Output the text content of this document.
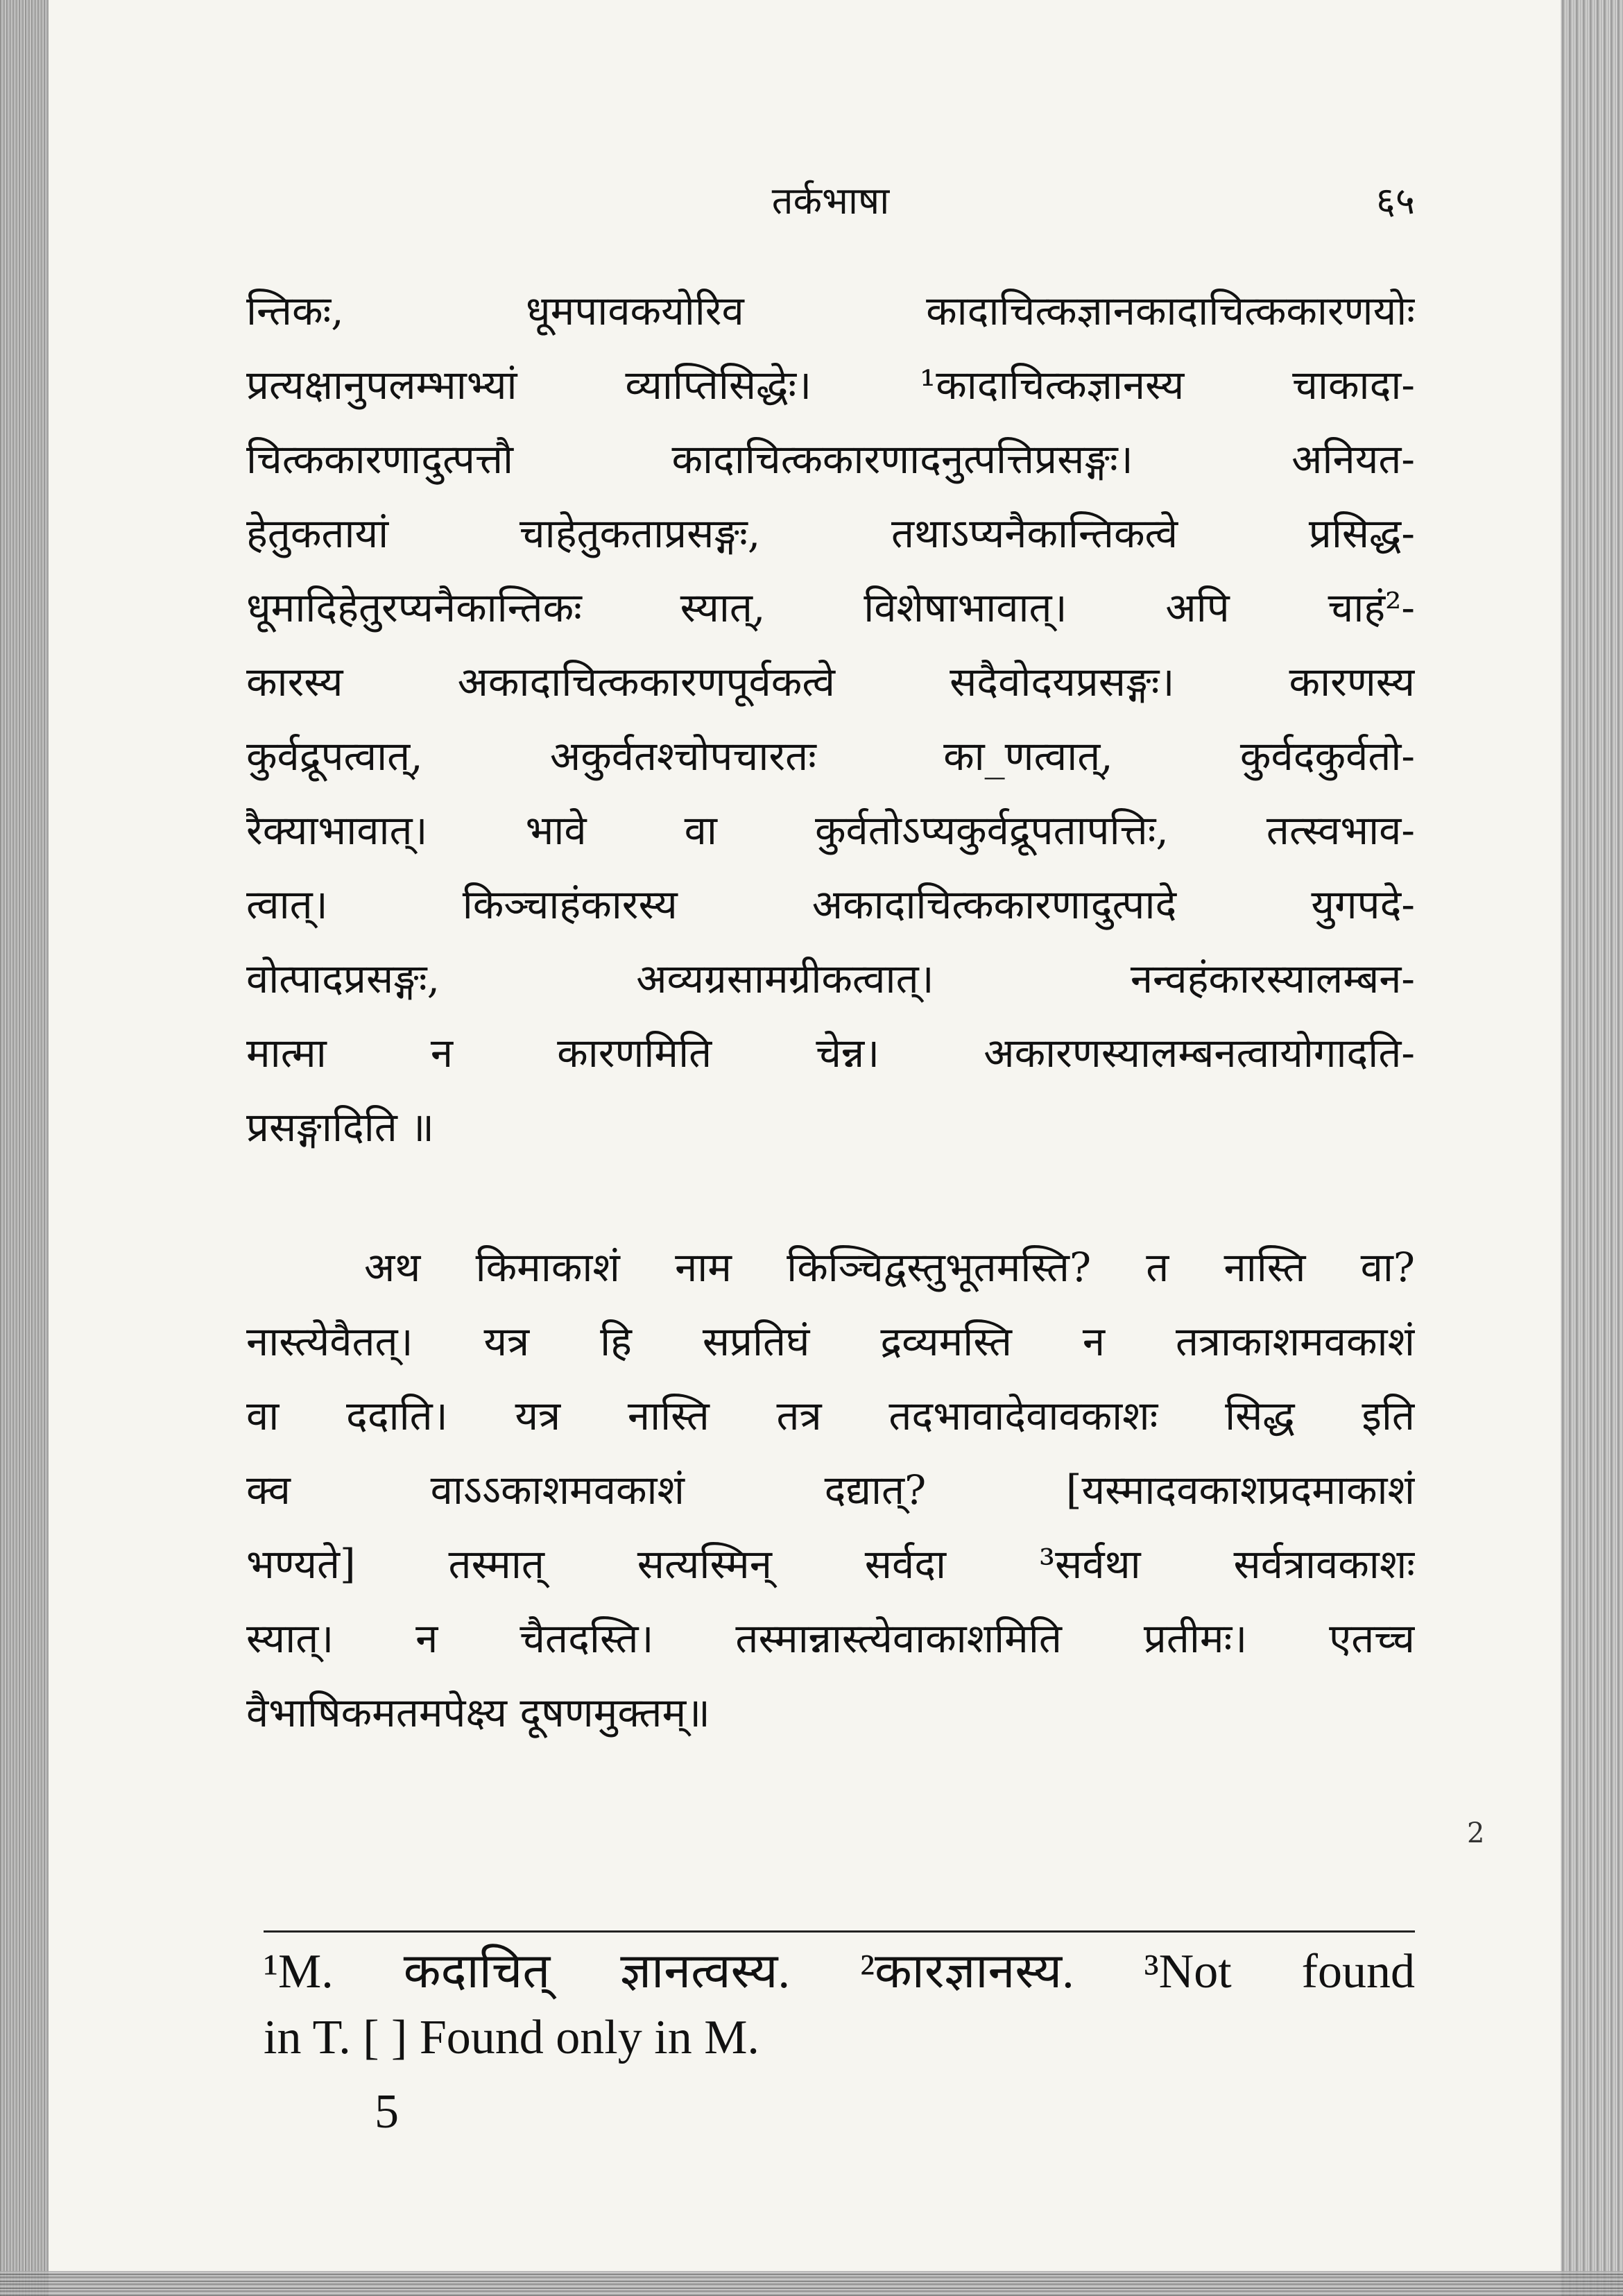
तर्कभाषा	६५
न्तिकः, धूमपावकयोरिव कादाचित्कज्ञानकादाचित्ककारणयोः
प्रत्यक्षानुपलम्भाभ्यां व्याप्तिसिद्धेः। ¹कादाचित्कज्ञानस्य चाकादा-
चित्ककारणादुत्पत्तौ कादाचित्ककारणादनुत्पत्तिप्रसङ्गः। अनियत-
हेतुकतायां चाहेतुकताप्रसङ्गः, तथाऽप्यनैकान्तिकत्वे प्रसिद्ध-
धूमादिहेतुरप्यनैकान्तिकः स्यात्, विशेषाभावात्। अपि चाहं²-
कारस्य अकादाचित्ककारणपूर्वकत्वे सदैवोदयप्रसङ्गः। कारणस्य
कुर्वद्रूपत्वात्, अकुर्वतश्चोपचारतः का_णत्वात्, कुर्वदकुर्वतो-
रैक्याभावात्। भावे वा कुर्वतोऽप्यकुर्वद्रूपतापत्तिः, तत्स्वभाव-
त्वात्। किञ्चाहंकारस्य अकादाचित्ककारणादुत्पादे युगपदे-
वोत्पादप्रसङ्गः, अव्यग्रसामग्रीकत्वात्। नन्वहंकारस्यालम्बन-
मात्मा न कारणमिति चेन्न। अकारणस्यालम्बनत्वायोगादति-
प्रसङ्गादिति ॥
अथ किमाकाशं नाम किञ्चिद्वस्तुभूतमस्ति? त नास्ति वा?
नास्त्येवैतत्। यत्र हि सप्रतिघं द्रव्यमस्ति न तत्राकाशमवकाशं
वा ददाति। यत्र नास्ति तत्र तदभावादेवावकाशः सिद्ध इति
क्व वाऽऽकाशमवकाशं दद्यात्? [यस्मादवकाशप्रदमाकाशं
भण्यते] तस्मात् सत्यस्मिन् सर्वदा ³सर्वथा सर्वत्रावकाशः
स्यात्। न चैतदस्ति। तस्मान्नास्त्येवाकाशमिति प्रतीमः। एतच्च
वैभाषिकमतमपेक्ष्य दूषणमुक्तम्॥
2
¹M. कदाचित् ज्ञानत्वस्य. ²कारज्ञानस्य. ³Not found
in T. [ ] Found only in M.
5
